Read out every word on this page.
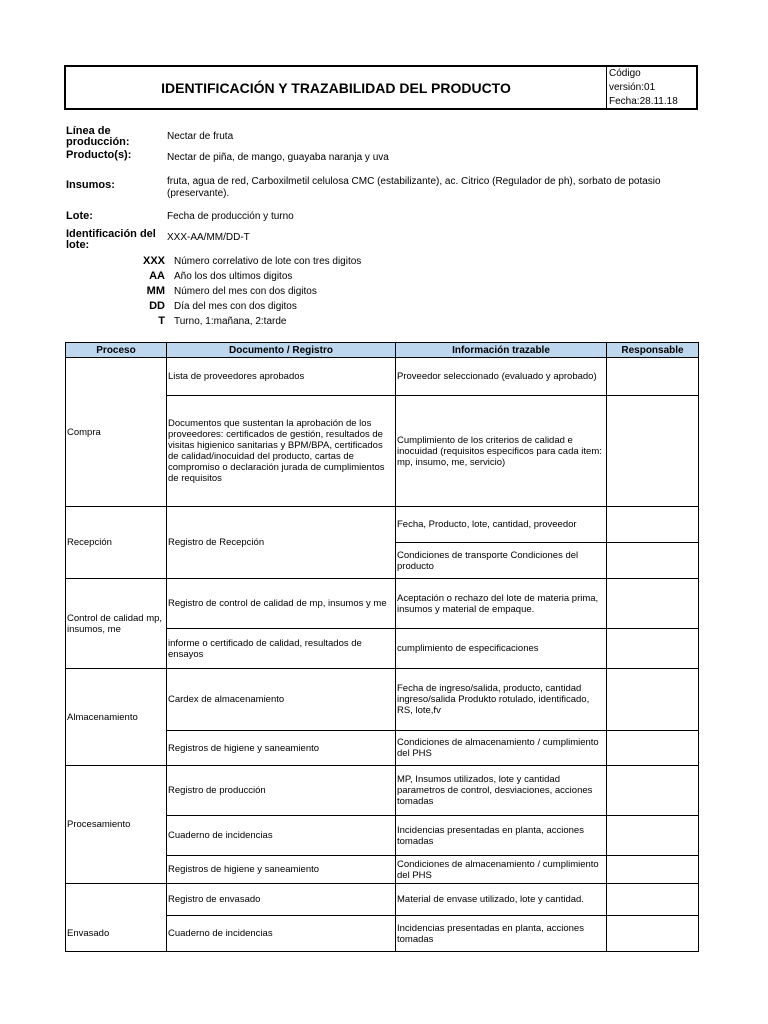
IDENTIFICACIÓN Y TRAZABILIDAD DEL PRODUCTO
Código
versión:01
Fecha:28.11.18
Línea de producción:	Nectar de fruta
Producto(s):	Nectar de piña, de mango, guayaba naranja y uva
Insumos:	fruta, agua de red, Carboxilmetil celulosa CMC (estabilizante), ac. Citrico (Regulador de ph), sorbato de potasio (preservante).
Lote:	Fecha de producción y turno
Identificación del lote:
XXX-AA/MM/DD-T
XXX Número correlativo de lote con tres digitos
AA Año los dos ultimos digitos
MM Número del mes con dos digitos
DD Día del mes con dos digitos
T Turno, 1:mañana, 2:tarde
Proceso	Documento / Registro	Información trazable	Responsable
Compra	Lista de proveedores aprobados	Proveedor seleccionado (evaluado y aprobado)	
	Documentos que sustentan la aprobación de los proveedores: certificados de gestión, resultados de visitas higienico sanitarias y BPM/BPA, certificados de calidad/inocuidad del producto, cartas de compromiso o declaración jurada de cumplimientos de requisitos	Cumplimiento de los criterios de calidad e inocuidad (requisitos especificos para cada item: mp, insumo, me, servicio)	
Recepción	Registro de Recepción	Fecha, Producto, lote, cantidad, proveedor	
		Condiciones de transporte Condiciones del producto	
Control de calidad mp, insumos, me	Registro de control de calidad de mp, insumos y me	Aceptación o rechazo del lote de materia prima, insumos y material de empaque.	
	informe o certificado de calidad, resultados de ensayos	cumplimiento de especificaciones	
Almacenamiento	Cardex de almacenamiento	Fecha de ingreso/salida, producto, cantidad ingreso/salida Produkto rotulado, identificado, RS, lote,fv	
	Registros de higiene y saneamiento	Condiciones de almacenamiento / cumplimiento del PHS	
Procesamiento	Registro de producción	MP, Insumos utilizados, lote y cantidad parametros de control, desviaciones, acciones tomadas	
	Cuaderno de incidencias	Incidencias presentadas en planta, acciones tomadas	
	Registros de higiene y saneamiento	Condiciones de almacenamiento / cumplimiento del PHS	
Envasado	Registro de envasado	Material de envase utilizado, lote y cantidad.	
	Cuaderno de incidencias	Incidencias presentadas en planta, acciones tomadas	
